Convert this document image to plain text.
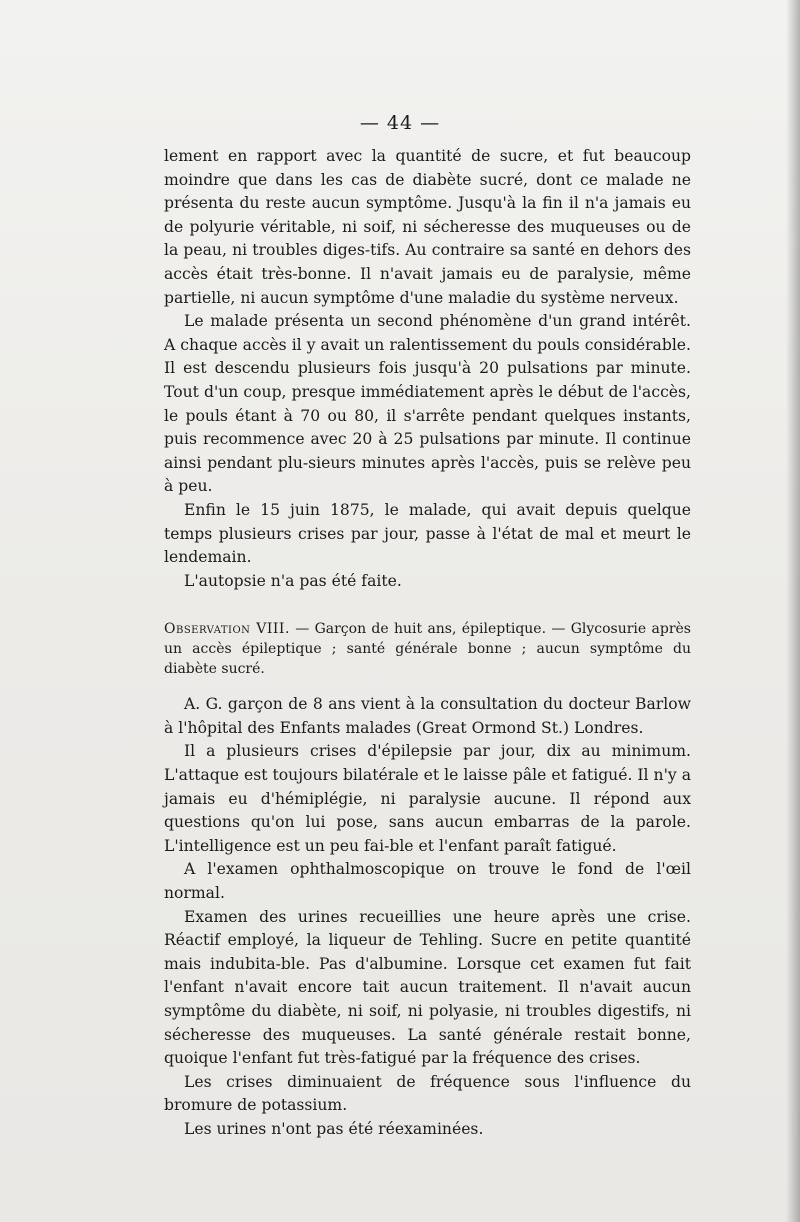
— 44 —

lement en rapport avec la quantité de sucre, et fut beaucoup moindre que dans les cas de diabète sucré, dont ce malade ne présenta du reste aucun symptôme. Jusqu'à la fin il n'a jamais eu de polyurie véritable, ni soif, ni sécheresse des muqueuses ou de la peau, ni troubles diges-tifs. Au contraire sa santé en dehors des accès était très-bonne. Il n'avait jamais eu de paralysie, même partielle, ni aucun symptôme d'une maladie du système nerveux.

Le malade présenta un second phénomène d'un grand intérêt. A chaque accès il y avait un ralentissement du pouls considérable. Il est descendu plusieurs fois jusqu'à 20 pulsations par minute. Tout d'un coup, presque immédiatement après le début de l'accès, le pouls étant à 70 ou 80, il s'arrête pendant quelques instants, puis recommence avec 20 à 25 pulsations par minute. Il continue ainsi pendant plu-sieurs minutes après l'accès, puis se relève peu à peu.

Enfin le 15 juin 1875, le malade, qui avait depuis quelque temps plusieurs crises par jour, passe à l'état de mal et meurt le lendemain.

L'autopsie n'a pas été faite.

Observation VIII. — Garçon de huit ans, épileptique. — Glycosurie après un accès épileptique ; santé générale bonne ; aucun symptôme du diabète sucré.

A. G. garçon de 8 ans vient à la consultation du docteur Barlow à l'hôpital des Enfants malades (Great Ormond St.) Londres.

Il a plusieurs crises d'épilepsie par jour, dix au minimum. L'attaque est toujours bilatérale et le laisse pâle et fatigué. Il n'y a jamais eu d'hémiplégie, ni paralysie aucune. Il répond aux questions qu'on lui pose, sans aucun embarras de la parole. L'intelligence est un peu fai-ble et l'enfant paraît fatigué.

A l'examen ophthalmoscopique on trouve le fond de l'œil normal.

Examen des urines recueillies une heure après une crise. Réactif employé, la liqueur de Tehling. Sucre en petite quantité mais indubita-ble. Pas d'albumine. Lorsque cet examen fut fait l'enfant n'avait encore tait aucun traitement. Il n'avait aucun symptôme du diabète, ni soif, ni polyasie, ni troubles digestifs, ni sécheresse des muqueuses. La santé générale restait bonne, quoique l'enfant fut très-fatigué par la fréquence des crises.

Les crises diminuaient de fréquence sous l'influence du bromure de potassium.

Les urines n'ont pas été réexaminées.
